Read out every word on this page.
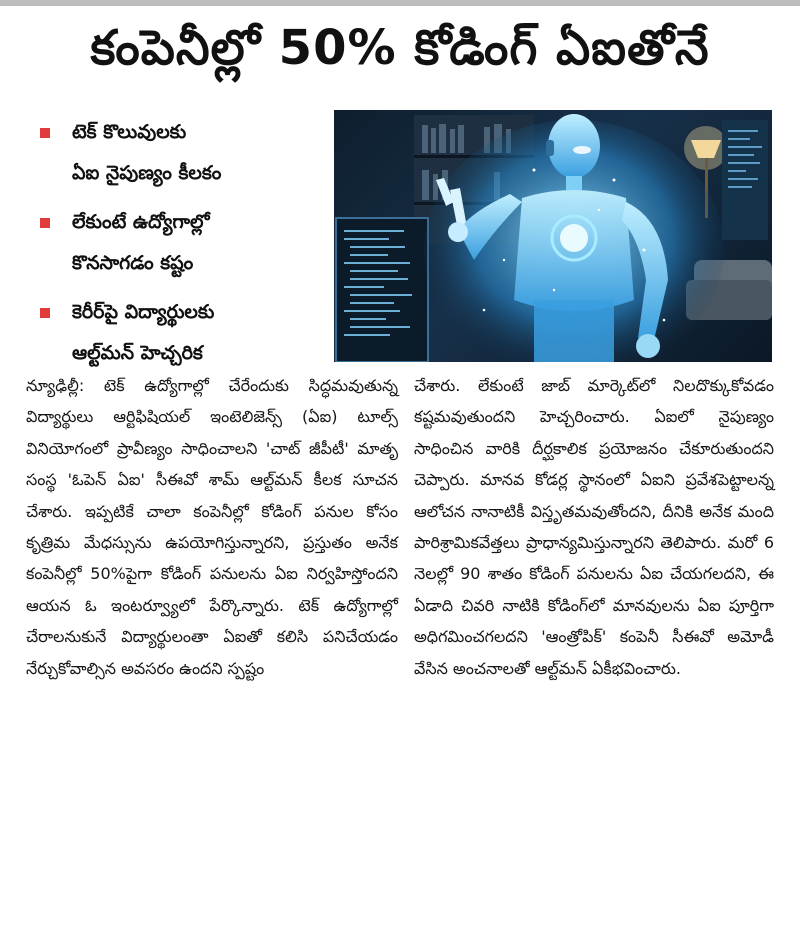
కంపెనీల్లో 50% కోడింగ్ ఏఐతోనే
టెక్ కొలువులకు
ఏఐ నైపుణ్యం కీలకం
లేకుంటే ఉద్యోగాల్లో
కొనసాగడం కష్టం
కెరీర్‌పై విద్యార్థులకు
ఆల్ట్‌మన్ హెచ్చరిక

న్యూఢిల్లీ: టెక్ ఉద్యోగాల్లో చేరేందుకు సిద్ధమవుతున్న విద్యార్థులు ఆర్టిఫిషియల్ ఇంటెలిజెన్స్ (ఏఐ) టూల్స్ వినియోగంలో ప్రావీణ్యం సాధించాలని 'చాట్ జీపీటీ' మాతృ సంస్థ 'ఓపెన్ ఏఐ' సీఈవో శామ్ ఆల్ట్‌మన్ కీలక సూచన చేశారు. ఇప్పటికే చాలా కంపెనీల్లో కోడింగ్ పనుల కోసం కృత్రిమ మేధస్సును ఉపయోగిస్తున్నారని, ప్రస్తుతం అనేక కంపెనీల్లో 50%పైగా కోడింగ్ పనులను ఏఐ నిర్వహిస్తోందని ఆయన ఓ ఇంటర్వ్యూలో పేర్కొన్నారు. టెక్ ఉద్యోగాల్లో చేరాలనుకునే విద్యార్థులంతా ఏఐతో కలిసి పనిచేయడం నేర్చుకోవాల్సిన అవసరం ఉందని స్పష్టం

చేశారు. లేకుంటే జాబ్ మార్కెట్‌లో నిలదొక్కుకోవడం కష్టమవుతుందని హెచ్చరించారు. ఏఐలో నైపుణ్యం సాధించిన వారికి దీర్ఘకాలిక ప్రయోజనం చేకూరుతుందని చెప్పారు. మానవ కోడర్ల స్థానంలో ఏఐని ప్రవేశపెట్టాలన్న ఆలోచన నానాటికీ విస్తృతమవుతోందని, దీనికి అనేక మంది పారిశ్రామికవేత్తలు ప్రాధాన్యమిస్తున్నారని తెలిపారు. మరో 6 నెలల్లో 90 శాతం కోడింగ్ పనులను ఏఐ చేయగలదని, ఈ ఏడాది చివరి నాటికి కోడింగ్‌లో మానవులను ఏఐ పూర్తిగా అధిగమించగలదని 'ఆంత్రోపిక్' కంపెనీ సీఈవో అమోడీ వేసిన అంచనాలతో ఆల్ట్‌మన్ ఏకీభవించారు.
